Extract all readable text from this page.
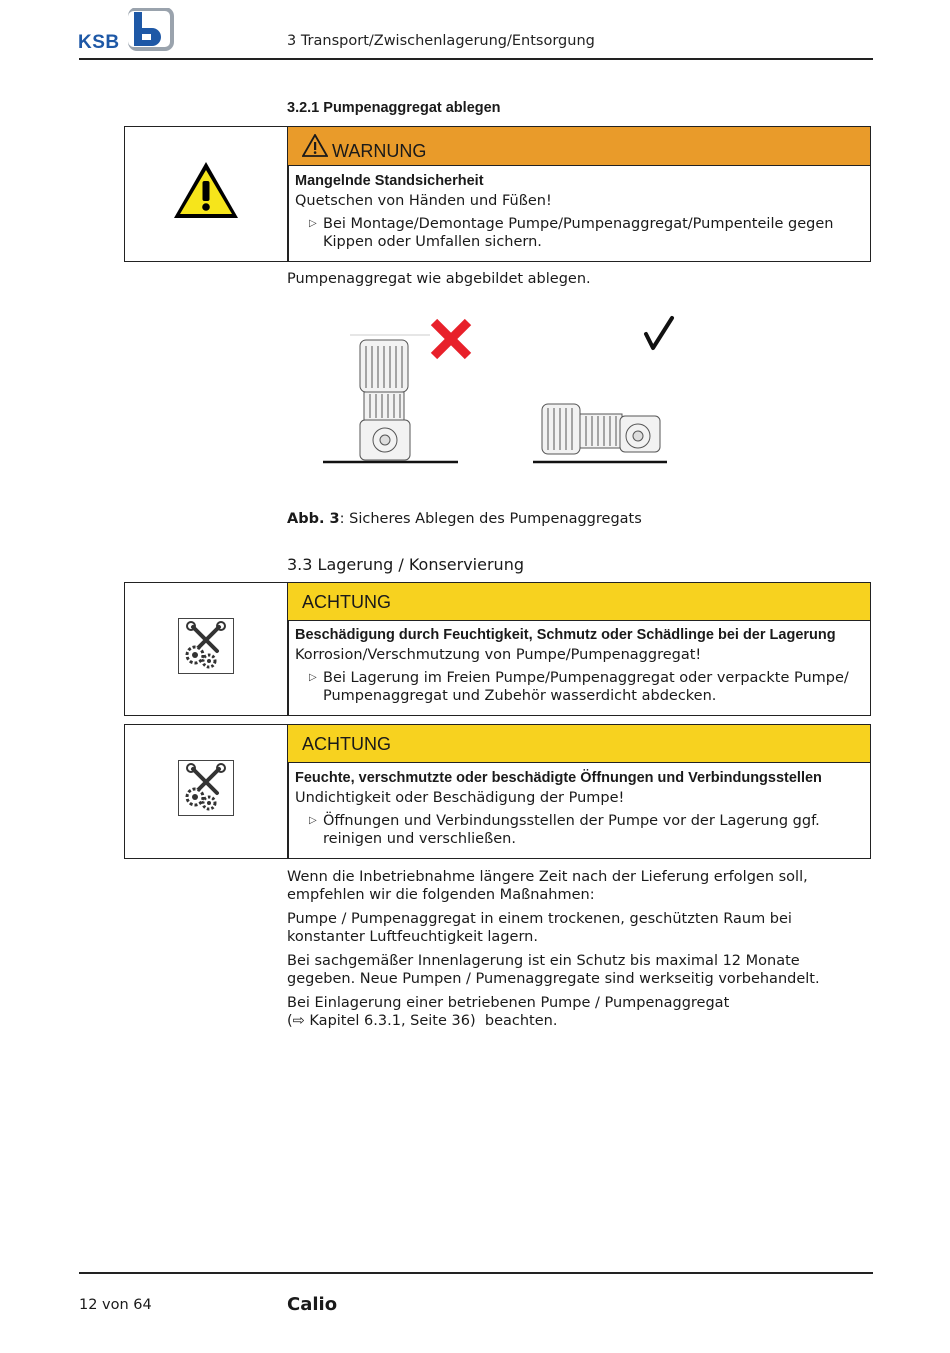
KSB	3 Transport/Zwischenlagerung/Entsorgung
3.2.1 Pumpenaggregat ablegen
WARNUNG

Mangelnde Standsicherheit

Quetschen von Händen und Füßen!

▷ Bei Montage/Demontage Pumpe/Pumpenaggregat/Pumpenteile gegen Kippen oder Umfallen sichern.

Pumpenaggregat wie abgebildet ablegen.
Abb. 3: Sicheres Ablegen des Pumpenaggregats
3.3 Lagerung / Konservierung
ACHTUNG

Beschädigung durch Feuchtigkeit, Schmutz oder Schädlinge bei der Lagerung

Korrosion/Verschmutzung von Pumpe/Pumpenaggregat!

▷ Bei Lagerung im Freien Pumpe/Pumpenaggregat oder verpackte Pumpe/ Pumpenaggregat und Zubehör wasserdicht abdecken.

ACHTUNG

Feuchte, verschmutzte oder beschädigte Öffnungen und Verbindungsstellen

Undichtigkeit oder Beschädigung der Pumpe!

▷ Öffnungen und Verbindungsstellen der Pumpe vor der Lagerung ggf. reinigen und verschließen.

Wenn die Inbetriebnahme längere Zeit nach der Lieferung erfolgen soll, empfehlen wir die folgenden Maßnahmen:
Pumpe / Pumpenaggregat in einem trockenen, geschützten Raum bei konstanter Luftfeuchtigkeit lagern.
Bei sachgemäßer Innenlagerung ist ein Schutz bis maximal 12 Monate gegeben. Neue Pumpen / Pumenaggregate sind werkseitig vorbehandelt.
Bei Einlagerung einer betriebenen Pumpe / Pumpenaggregat
(⇨ Kapitel 6.3.1, Seite 36)  beachten.
12 von 64	Calio
